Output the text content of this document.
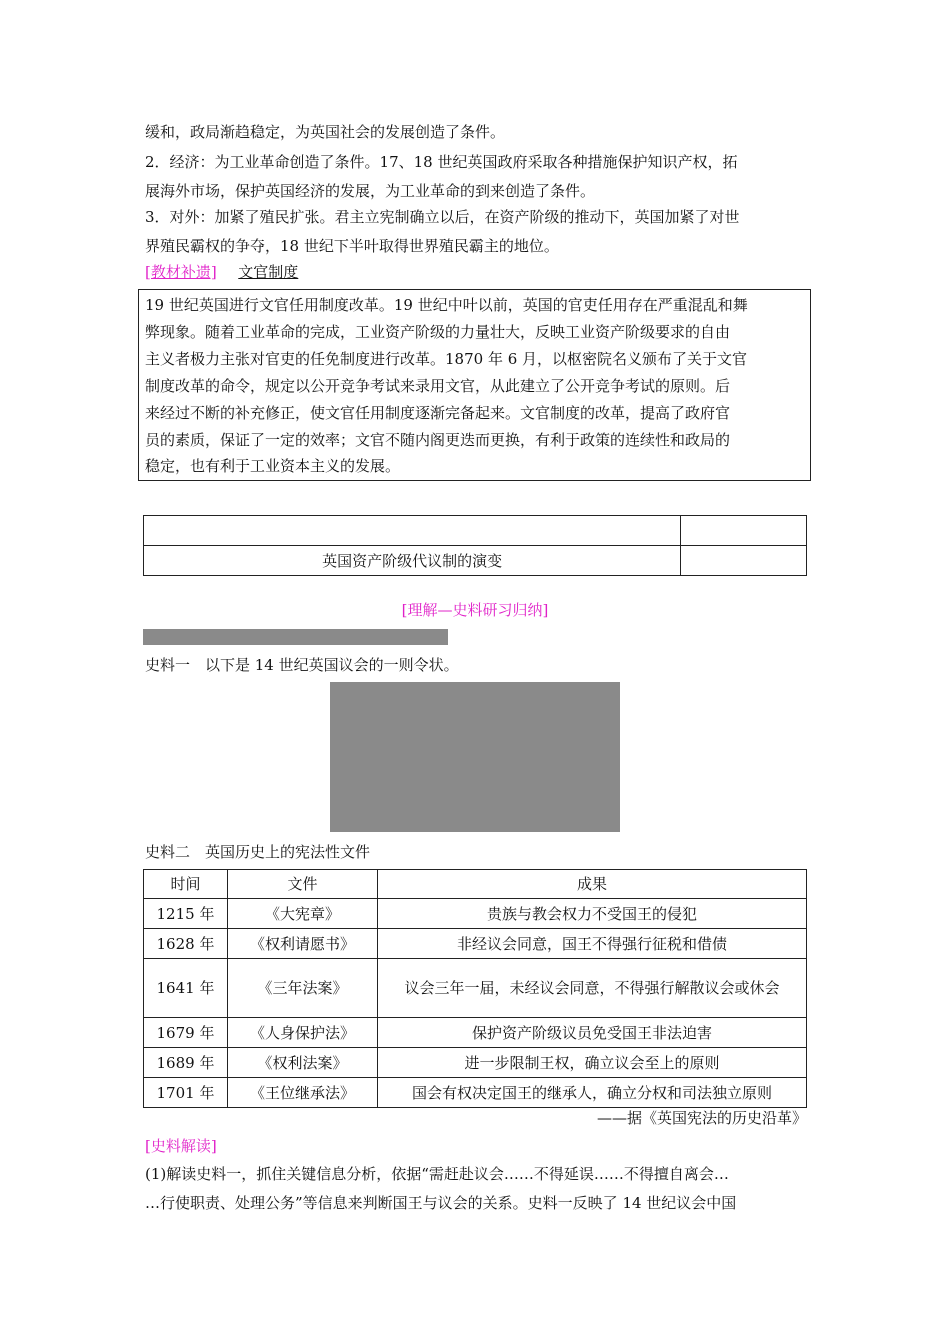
缓和，政局渐趋稳定，为英国社会的发展创造了条件。
2．经济：为工业革命创造了条件。17、18 世纪英国政府采取各种措施保护知识产权，拓
展海外市场，保护英国经济的发展，为工业革命的到来创造了条件。
3．对外：加紧了殖民扩张。君主立宪制确立以后，在资产阶级的推动下，英国加紧了对世
界殖民霸权的争夺，18 世纪下半叶取得世界殖民霸主的地位。
[教材补遗] 文官制度
19 世纪英国进行文官任用制度改革。19 世纪中叶以前，英国的官吏任用存在严重混乱和舞
弊现象。随着工业革命的完成，工业资产阶级的力量壮大，反映工业资产阶级要求的自由
主义者极力主张对官吏的任免制度进行改革。1870 年 6 月，以枢密院名义颁布了关于文官
制度改革的命令，规定以公开竞争考试来录用文官，从此建立了公开竞争考试的原则。后
来经过不断的补充修正，使文官任用制度逐渐完备起来。文官制度的改革，提高了政府官
员的素质，保证了一定的效率；文官不随内阁更迭而更换，有利于政策的连续性和政局的
稳定，也有利于工业资本主义的发展。

英国资产阶级代议制的演变	
[理解—史料研习归纳]
史料一　以下是 14 世纪英国议会的一则令状。
史料二　英国历史上的宪法性文件
时间	文件	成果
1215 年	《大宪章》	贵族与教会权力不受国王的侵犯
1628 年	《权利请愿书》	非经议会同意，国王不得强行征税和借债
1641 年	《三年法案》	议会三年一届，未经议会同意，不得强行解散议会或休会
1679 年	《人身保护法》	保护资产阶级议员免受国王非法迫害
1689 年	《权利法案》	进一步限制王权，确立议会至上的原则
1701 年	《王位继承法》	国会有权决定国王的继承人，确立分权和司法独立原则
——据《英国宪法的历史沿革》
[史料解读]
(1)解读史料一，抓住关键信息分析，依据“需赶赴议会……不得延误……不得擅自离会…
…行使职责、处理公务”等信息来判断国王与议会的关系。史料一反映了 14 世纪议会中国
